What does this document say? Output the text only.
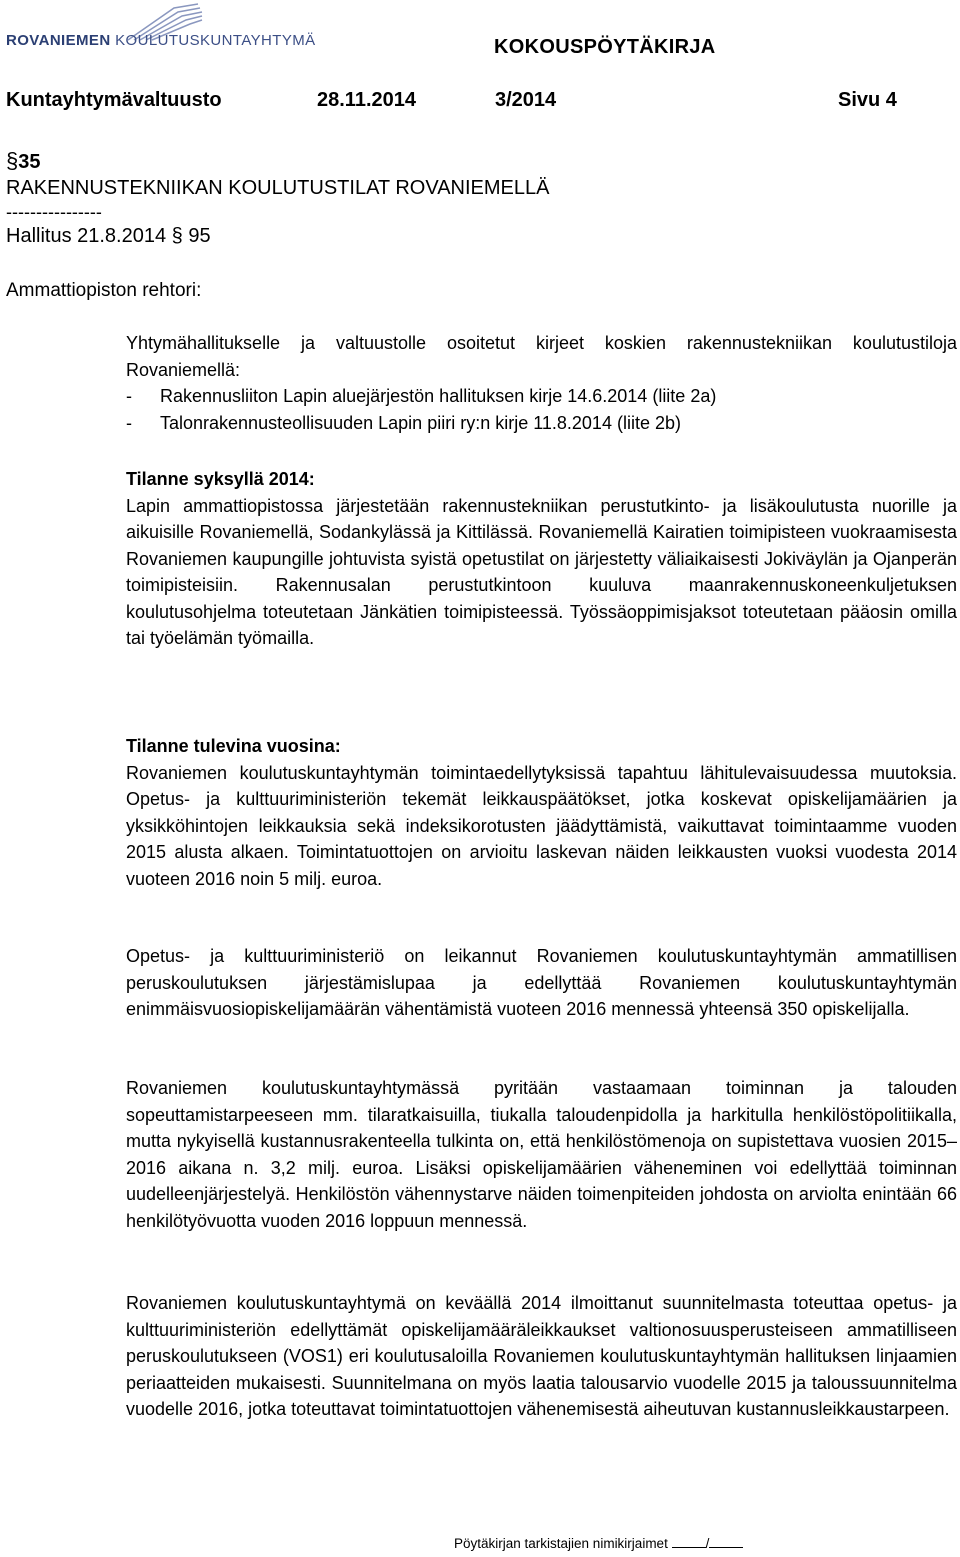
ROVANIEMEN KOULUTUSKUNTAYHTYMÄ	KOKOUSPÖYTÄKIRJA
Kuntayhtymävaltuusto	28.11.2014	3/2014	Sivu 4
§35
RAKENNUSTEKNIIKAN KOULUTUSTILAT ROVANIEMELLÄ
----------------
Hallitus 21.8.2014 § 95
Ammattiopiston rehtori:

Yhtymähallitukselle ja valtuustolle osoitetut kirjeet koskien rakennustekniikan koulutustiloja Rovaniemellä:

- Rakennusliiton Lapin aluejärjestön hallituksen kirje 14.6.2014 (liite 2a)
- Talonrakennusteollisuuden Lapin piiri ry:n kirje 11.8.2014 (liite 2b)

Tilanne syksyllä 2014:

Lapin ammattiopistossa järjestetään rakennustekniikan perustutkinto- ja lisäkoulutusta nuorille ja aikuisille Rovaniemellä, Sodankylässä ja Kittilässä. Rovaniemellä Kairatien toimipisteen vuokraamisesta Rovaniemen kaupungille johtuvista syistä opetustilat on järjestetty väliaikaisesti Jokiväylän ja Ojanperän toimipisteisiin. Rakennusalan perustutkintoon kuuluva maanrakennuskoneenkuljetuksen koulutusohjelma toteutetaan Jänkätien toimipisteessä. Työssäoppimisjaksot toteutetaan pääosin omilla tai työelämän työmailla.

Tilanne tulevina vuosina:

Rovaniemen koulutuskuntayhtymän toimintaedellytyksissä tapahtuu lähitulevaisuudessa muutoksia. Opetus- ja kulttuuriministeriön tekemät leikkauspäätökset, jotka koskevat opiskelijamäärien ja yksikköhintojen leikkauksia sekä indeksikorotusten jäädyttämistä, vaikuttavat toimintaamme vuoden 2015 alusta alkaen. Toimintatuottojen on arvioitu laskevan näiden leikkausten vuoksi vuodesta 2014 vuoteen 2016 noin 5 milj. euroa.

Opetus- ja kulttuuriministeriö on leikannut Rovaniemen koulutuskuntayhtymän ammatillisen peruskoulutuksen järjestämislupaa ja edellyttää Rovaniemen koulutuskuntayhtymän enimmäisvuosiopiskelijamäärän vähentämistä vuoteen 2016 mennessä yhteensä 350 opiskelijalla.

Rovaniemen koulutuskuntayhtymässä pyritään vastaamaan toiminnan ja talouden sopeuttamistarpeeseen mm. tilaratkaisuilla, tiukalla taloudenpidolla ja harkitulla henkilöstöpolitiikalla, mutta nykyisellä kustannusrakenteella tulkinta on, että henkilöstömenoja on supistettava vuosien 2015–2016 aikana n. 3,2 milj. euroa. Lisäksi opiskelijamäärien väheneminen voi edellyttää toiminnan uudelleenjärjestelyä. Henkilöstön vähennystarve näiden toimenpiteiden johdosta on arviolta enintään 66 henkilötyövuotta vuoden 2016 loppuun mennessä.

Rovaniemen koulutuskuntayhtymä on keväällä 2014 ilmoittanut suunnitelmasta toteuttaa opetus- ja kulttuuriministeriön edellyttämät opiskelijamääräleikkaukset valtionosuusperusteiseen ammatilliseen peruskoulutukseen (VOS1) eri koulutusaloilla Rovaniemen koulutuskuntayhtymän hallituksen linjaamien periaatteiden mukaisesti. Suunnitelmana on myös laatia talousarvio vuodelle 2015 ja taloussuunnitelma vuodelle 2016, jotka toteuttavat toimintatuottojen vähenemisestä aiheutuvan kustannusleikkaustarpeen.

Pöytäkirjan tarkistajien nimikirjaimet	/
